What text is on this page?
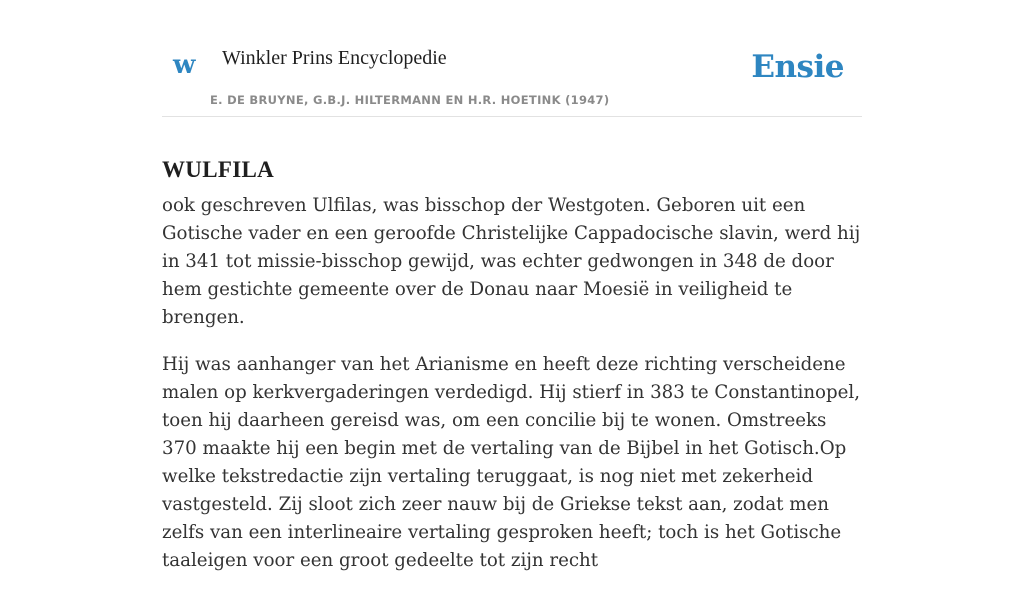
w Winkler Prins Encyclopedie
E. DE BRUYNE, G.B.J. HILTERMANN EN H.R. HOETINK (1947)
Ensie
WULFILA

ook geschreven Ulfilas, was bisschop der Westgoten. Geboren uit een Gotische vader en een geroofde Christelijke Cappadocische slavin, werd hij in 341 tot missie-bisschop gewijd, was echter gedwongen in 348 de door hem gestichte gemeente over de Donau naar Moesië in veiligheid te brengen.

Hij was aanhanger van het Arianisme en heeft deze richting verscheidene malen op kerkvergaderingen verdedigd. Hij stierf in 383 te Constantinopel, toen hij daarheen gereisd was, om een concilie bij te wonen. Omstreeks 370 maakte hij een begin met de vertaling van de Bijbel in het Gotisch.Op welke tekstredactie zijn vertaling teruggaat, is nog niet met zekerheid vastgesteld. Zij sloot zich zeer nauw bij de Griekse tekst aan, zodat men zelfs van een interlineaire vertaling gesproken heeft; toch is het Gotische taaleigen voor een groot gedeelte tot zijn recht
